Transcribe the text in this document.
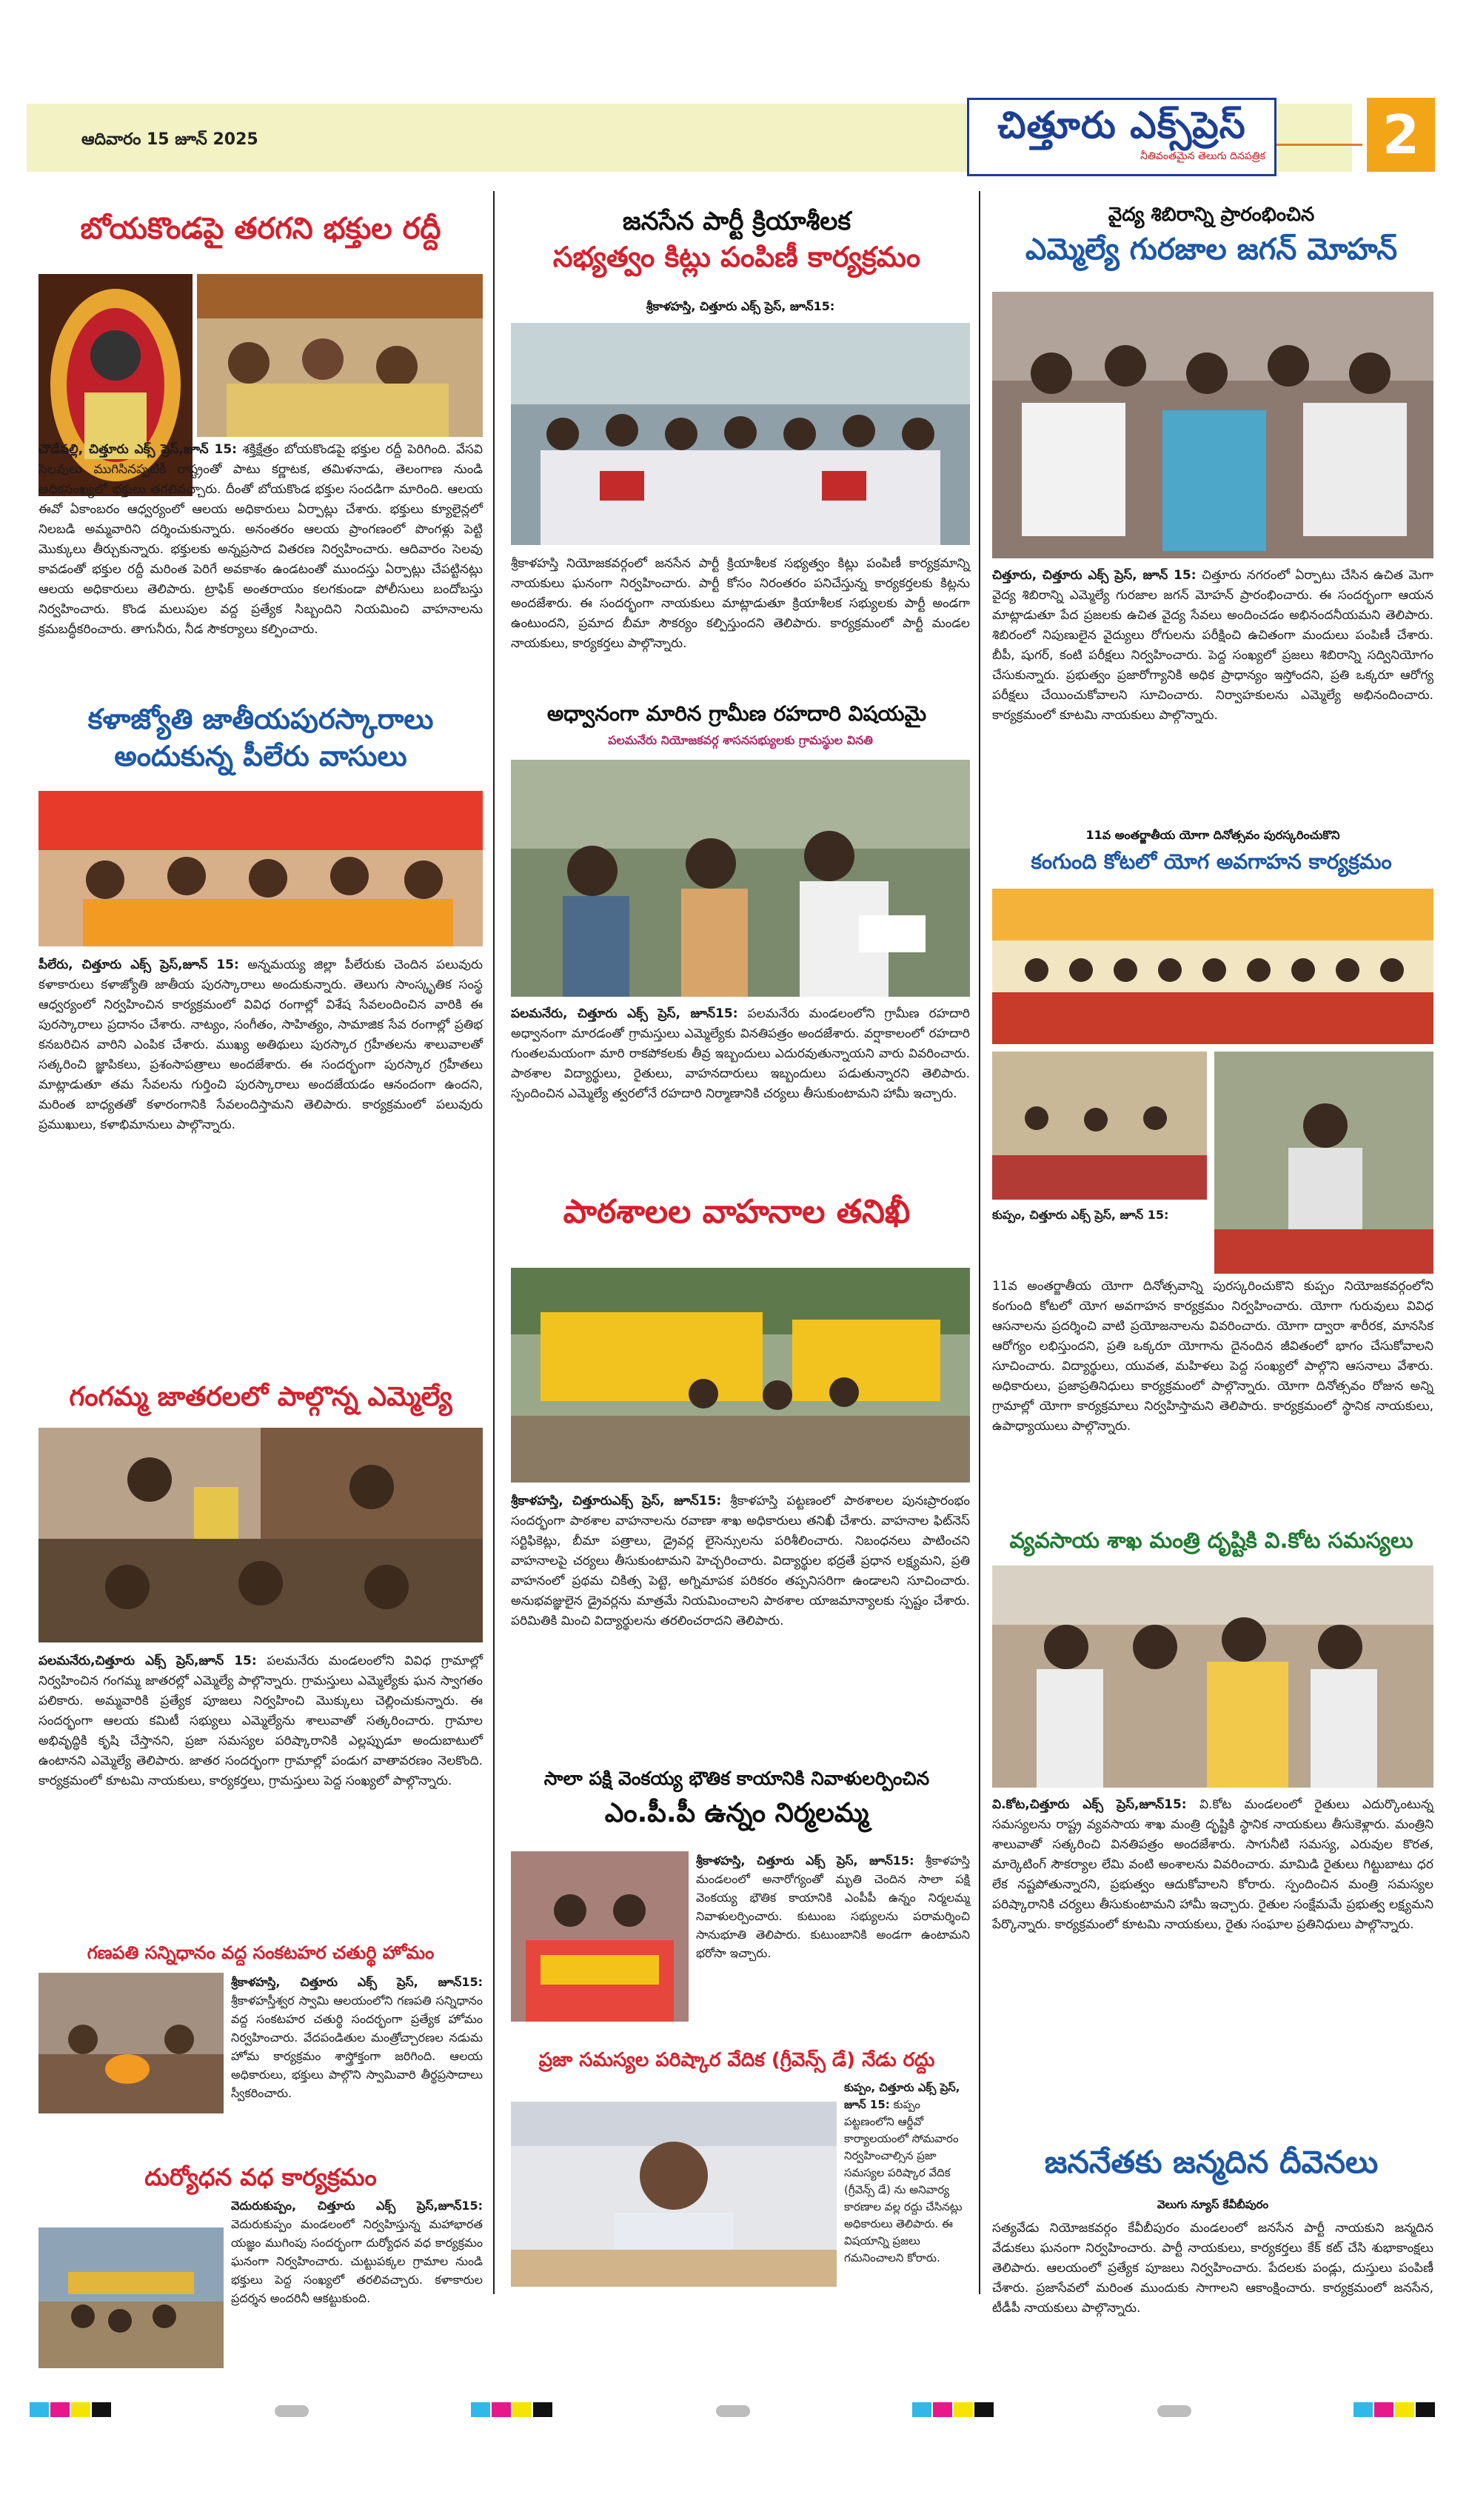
ఆదివారం 15 జూన్ 2025	చిత్తూరు ఎక్స్‌ప్రెస్
నీతివంతమైన తెలుగు దినపత్రిక 2
బోయకొండపై తరగని భక్తుల రద్దీ

చౌడేపల్లి, చిత్తూరు ఎక్స్ ప్రెస్,జూన్ 15: శక్తిక్షేత్రం బోయకొండపై భక్తుల రద్దీ పెరిగింది. వేసవి సెలవులు ముగిసినప్పటికీ రాష్ట్రంతో పాటు కర్ణాటక, తమిళనాడు, తెలంగాణ నుండి అధికసంఖ్యలో భక్తులు తరలివచ్చారు. దీంతో బోయకొండ భక్తుల సందడిగా మారింది. ఆలయ ఈవో ఏకాంబరం ఆధ్వర్యంలో ఆలయ అధికారులు ఏర్పాట్లు చేశారు. భక్తులు క్యూలైన్లలో నిలబడి అమ్మవారిని దర్శించుకున్నారు. అనంతరం ఆలయ ప్రాంగణంలో పొంగళ్లు పెట్టి మొక్కులు తీర్చుకున్నారు. భక్తులకు అన్నప్రసాద వితరణ నిర్వహించారు. ఆదివారం సెలవు కావడంతో భక్తుల రద్దీ మరింత పెరిగే అవకాశం ఉండటంతో ముందస్తు ఏర్పాట్లు చేపట్టినట్లు ఆలయ అధికారులు తెలిపారు. ట్రాఫిక్ అంతరాయం కలగకుండా పోలీసులు బందోబస్తు నిర్వహించారు. కొండ మలుపుల వద్ద ప్రత్యేక సిబ్బందిని నియమించి వాహనాలను క్రమబద్ధీకరించారు. తాగునీరు, నీడ సౌకర్యాలు కల్పించారు.

కళాజ్యోతి జాతీయపురస్కారాలు
అందుకున్న పీలేరు వాసులు

పీలేరు, చిత్తూరు ఎక్స్ ప్రెస్,జూన్ 15: అన్నమయ్య జిల్లా పీలేరుకు చెందిన పలువురు కళాకారులు కళాజ్యోతి జాతీయ పురస్కారాలు అందుకున్నారు. తెలుగు సాంస్కృతిక సంస్థ ఆధ్వర్యంలో నిర్వహించిన కార్యక్రమంలో వివిధ రంగాల్లో విశేష సేవలందించిన వారికి ఈ పురస్కారాలు ప్రదానం చేశారు. నాట్యం, సంగీతం, సాహిత్యం, సామాజిక సేవ రంగాల్లో ప్రతిభ కనబరిచిన వారిని ఎంపిక చేశారు. ముఖ్య అతిథులు పురస్కార గ్రహీతలను శాలువాలతో సత్కరించి జ్ఞాపికలు, ప్రశంసాపత్రాలు అందజేశారు. ఈ సందర్భంగా పురస్కార గ్రహీతలు మాట్లాడుతూ తమ సేవలను గుర్తించి పురస్కారాలు అందజేయడం ఆనందంగా ఉందని, మరింత బాధ్యతతో కళారంగానికి సేవలందిస్తామని తెలిపారు. కార్యక్రమంలో పలువురు ప్రముఖులు, కళాభిమానులు పాల్గొన్నారు.

గంగమ్మ జాతరలలో పాల్గొన్న ఎమ్మెల్యే

పలమనేరు,చిత్తూరు ఎక్స్ ప్రెస్,జూన్ 15: పలమనేరు మండలంలోని వివిధ గ్రామాల్లో నిర్వహించిన గంగమ్మ జాతరల్లో ఎమ్మెల్యే పాల్గొన్నారు. గ్రామస్తులు ఎమ్మెల్యేకు ఘన స్వాగతం పలికారు. అమ్మవారికి ప్రత్యేక పూజలు నిర్వహించి మొక్కులు చెల్లించుకున్నారు. ఈ సందర్భంగా ఆలయ కమిటీ సభ్యులు ఎమ్మెల్యేను శాలువాతో సత్కరించారు. గ్రామాల అభివృద్ధికి కృషి చేస్తానని, ప్రజా సమస్యల పరిష్కారానికి ఎల్లప్పుడూ అందుబాటులో ఉంటానని ఎమ్మెల్యే తెలిపారు. జాతర సందర్భంగా గ్రామాల్లో పండుగ వాతావరణం నెలకొంది. కార్యక్రమంలో కూటమి నాయకులు, కార్యకర్తలు, గ్రామస్తులు పెద్ద సంఖ్యలో పాల్గొన్నారు.

గణపతి సన్నిధానం వద్ద సంకటహర చతుర్థి హోమం

శ్రీకాళహస్తి, చిత్తూరు ఎక్స్ ప్రెస్, జూన్15: శ్రీకాళహస్తీశ్వర స్వామి ఆలయంలోని గణపతి సన్నిధానం వద్ద సంకటహర చతుర్థి సందర్భంగా ప్రత్యేక హోమం నిర్వహించారు. వేదపండితుల మంత్రోచ్చారణల నడుమ హోమ కార్యక్రమం శాస్త్రోక్తంగా జరిగింది. ఆలయ అధికారులు, భక్తులు పాల్గొని స్వామివారి తీర్థప్రసాదాలు స్వీకరించారు.

దుర్యోధన వధ కార్యక్రమం

వెదురుకుప్పం, చిత్తూరు ఎక్స్ ప్రెస్,జూన్15: వెదురుకుప్పం మండలంలో నిర్వహిస్తున్న మహాభారత యజ్ఞం ముగింపు సందర్భంగా దుర్యోధన వధ కార్యక్రమం ఘనంగా నిర్వహించారు. చుట్టుపక్కల గ్రామాల నుండి భక్తులు పెద్ద సంఖ్యలో తరలివచ్చారు. కళాకారుల ప్రదర్శన అందరినీ ఆకట్టుకుంది.

జనసేన పార్టీ క్రియాశీలక
సభ్యత్వం కిట్లు పంపిణీ కార్యక్రమం
శ్రీకాళహస్తి, చిత్తూరు ఎక్స్ ప్రెస్, జూన్15:

శ్రీకాళహస్తి నియోజకవర్గంలో జనసేన పార్టీ క్రియాశీలక సభ్యత్వం కిట్లు పంపిణీ కార్యక్రమాన్ని నాయకులు ఘనంగా నిర్వహించారు. పార్టీ కోసం నిరంతరం పనిచేస్తున్న కార్యకర్తలకు కిట్లను అందజేశారు. ఈ సందర్భంగా నాయకులు మాట్లాడుతూ క్రియాశీలక సభ్యులకు పార్టీ అండగా ఉంటుందని, ప్రమాద బీమా సౌకర్యం కల్పిస్తుందని తెలిపారు. కార్యక్రమంలో పార్టీ మండల నాయకులు, కార్యకర్తలు పాల్గొన్నారు.

అధ్వానంగా మారిన గ్రామీణ రహదారి విషయమై
పలమనేరు నియోజకవర్గ శాసనసభ్యులకు గ్రామస్థుల వినతి

పలమనేరు, చిత్తూరు ఎక్స్ ప్రెస్, జూన్15: పలమనేరు మండలంలోని గ్రామీణ రహదారి అధ్వానంగా మారడంతో గ్రామస్తులు ఎమ్మెల్యేకు వినతిపత్రం అందజేశారు. వర్షాకాలంలో రహదారి గుంతలమయంగా మారి రాకపోకలకు తీవ్ర ఇబ్బందులు ఎదురవుతున్నాయని వారు వివరించారు. పాఠశాల విద్యార్థులు, రైతులు, వాహనదారులు ఇబ్బందులు పడుతున్నారని తెలిపారు. స్పందించిన ఎమ్మెల్యే త్వరలోనే రహదారి నిర్మాణానికి చర్యలు తీసుకుంటామని హామీ ఇచ్చారు.

పాఠశాలల వాహనాల తనిఖీ

శ్రీకాళహస్తి, చిత్తూరుఎక్స్ ప్రెస్, జూన్15: శ్రీకాళహస్తి పట్టణంలో పాఠశాలల పునఃప్రారంభం సందర్భంగా పాఠశాల వాహనాలను రవాణా శాఖ అధికారులు తనిఖీ చేశారు. వాహనాల ఫిట్‌నెస్ సర్టిఫికెట్లు, బీమా పత్రాలు, డ్రైవర్ల లైసెన్సులను పరిశీలించారు. నిబంధనలు పాటించని వాహనాలపై చర్యలు తీసుకుంటామని హెచ్చరించారు. విద్యార్థుల భద్రతే ప్రధాన లక్ష్యమని, ప్రతి వాహనంలో ప్రథమ చికిత్స పెట్టె, అగ్నిమాపక పరికరం తప్పనిసరిగా ఉండాలని సూచించారు. అనుభవజ్ఞులైన డ్రైవర్లను మాత్రమే నియమించాలని పాఠశాల యాజమాన్యాలకు స్పష్టం చేశారు. పరిమితికి మించి విద్యార్థులను తరలించరాదని తెలిపారు.

సాలా పక్షి వెంకయ్య భౌతిక కాయానికి నివాళులర్పించిన
ఎం.పీ.పీ ఉన్నం నిర్మలమ్మ

శ్రీకాళహస్తి, చిత్తూరు ఎక్స్ ప్రెస్, జూన్15: శ్రీకాళహస్తి మండలంలో అనారోగ్యంతో మృతి చెందిన సాలా పక్షి వెంకయ్య భౌతిక కాయానికి ఎంపీపీ ఉన్నం నిర్మలమ్మ నివాళులర్పించారు. కుటుంబ సభ్యులను పరామర్శించి సానుభూతి తెలిపారు. కుటుంబానికి అండగా ఉంటామని భరోసా ఇచ్చారు.

ప్రజా సమస్యల పరిష్కార వేదిక (గ్రీవెన్స్ డే) నేడు రద్దు

కుప్పం, చిత్తూరు ఎక్స్ ప్రెస్, జూన్ 15: కుప్పం పట్టణంలోని ఆర్డీవో కార్యాలయంలో సోమవారం నిర్వహించాల్సిన ప్రజా సమస్యల పరిష్కార వేదిక (గ్రీవెన్స్ డే) ను అనివార్య కారణాల వల్ల రద్దు చేసినట్లు అధికారులు తెలిపారు. ఈ విషయాన్ని ప్రజలు గమనించాలని కోరారు.

వైద్య శిబిరాన్ని ప్రారంభించిన
ఎమ్మెల్యే గురజాల జగన్ మోహన్

చిత్తూరు, చిత్తూరు ఎక్స్ ప్రెస్, జూన్ 15: చిత్తూరు నగరంలో ఏర్పాటు చేసిన ఉచిత మెగా వైద్య శిబిరాన్ని ఎమ్మెల్యే గురజాల జగన్ మోహన్ ప్రారంభించారు. ఈ సందర్భంగా ఆయన మాట్లాడుతూ పేద ప్రజలకు ఉచిత వైద్య సేవలు అందించడం అభినందనీయమని తెలిపారు. శిబిరంలో నిపుణులైన వైద్యులు రోగులను పరీక్షించి ఉచితంగా మందులు పంపిణీ చేశారు. బీపీ, షుగర్, కంటి పరీక్షలు నిర్వహించారు. పెద్ద సంఖ్యలో ప్రజలు శిబిరాన్ని సద్వినియోగం చేసుకున్నారు. ప్రభుత్వం ప్రజారోగ్యానికి అధిక ప్రాధాన్యం ఇస్తోందని, ప్రతి ఒక్కరూ ఆరోగ్య పరీక్షలు చేయించుకోవాలని సూచించారు. నిర్వాహకులను ఎమ్మెల్యే అభినందించారు. కార్యక్రమంలో కూటమి నాయకులు పాల్గొన్నారు.

11వ అంతర్జాతీయ యోగా దినోత్సవం పురస్కరించుకొని
కంగుంది కోటలో యోగ అవగాహన కార్యక్రమం

కుప్పం, చిత్తూరు ఎక్స్ ప్రెస్, జూన్ 15:

11వ అంతర్జాతీయ యోగా దినోత్సవాన్ని పురస్కరించుకొని కుప్పం నియోజకవర్గంలోని కంగుంది కోటలో యోగ అవగాహన కార్యక్రమం నిర్వహించారు. యోగా గురువులు వివిధ ఆసనాలను ప్రదర్శించి వాటి ప్రయోజనాలను వివరించారు. యోగా ద్వారా శారీరక, మానసిక ఆరోగ్యం లభిస్తుందని, ప్రతి ఒక్కరూ యోగాను దైనందిన జీవితంలో భాగం చేసుకోవాలని సూచించారు. విద్యార్థులు, యువత, మహిళలు పెద్ద సంఖ్యలో పాల్గొని ఆసనాలు వేశారు. అధికారులు, ప్రజాప్రతినిధులు కార్యక్రమంలో పాల్గొన్నారు. యోగా దినోత్సవం రోజున అన్ని గ్రామాల్లో యోగా కార్యక్రమాలు నిర్వహిస్తామని తెలిపారు. కార్యక్రమంలో స్థానిక నాయకులు, ఉపాధ్యాయులు పాల్గొన్నారు.

వ్యవసాయ శాఖ మంత్రి దృష్టికి వి.కోట సమస్యలు

వి.కోట,చిత్తూరు ఎక్స్ ప్రెస్,జూన్15: వి.కోట మండలంలో రైతులు ఎదుర్కొంటున్న సమస్యలను రాష్ట్ర వ్యవసాయ శాఖ మంత్రి దృష్టికి స్థానిక నాయకులు తీసుకెళ్లారు. మంత్రిని శాలువాతో సత్కరించి వినతిపత్రం అందజేశారు. సాగునీటి సమస్య, ఎరువుల కొరత, మార్కెటింగ్ సౌకర్యాల లేమి వంటి అంశాలను వివరించారు. మామిడి రైతులు గిట్టుబాటు ధర లేక నష్టపోతున్నారని, ప్రభుత్వం ఆదుకోవాలని కోరారు. స్పందించిన మంత్రి సమస్యల పరిష్కారానికి చర్యలు తీసుకుంటామని హామీ ఇచ్చారు. రైతుల సంక్షేమమే ప్రభుత్వ లక్ష్యమని పేర్కొన్నారు. కార్యక్రమంలో కూటమి నాయకులు, రైతు సంఘాల ప్రతినిధులు పాల్గొన్నారు.

జననేతకు జన్మదిన దీవెనలు
వెలుగు న్యూస్ కేవీబీపురం

సత్యవేడు నియోజకవర్గం కేవీబీపురం మండలంలో జనసేన పార్టీ నాయకుని జన్మదిన వేడుకలు ఘనంగా నిర్వహించారు. పార్టీ నాయకులు, కార్యకర్తలు కేక్ కట్ చేసి శుభాకాంక్షలు తెలిపారు. ఆలయంలో ప్రత్యేక పూజలు నిర్వహించారు. పేదలకు పండ్లు, దుస్తులు పంపిణీ చేశారు. ప్రజాసేవలో మరింత ముందుకు సాగాలని ఆకాంక్షించారు. కార్యక్రమంలో జనసేన, టీడీపీ నాయకులు పాల్గొన్నారు.
